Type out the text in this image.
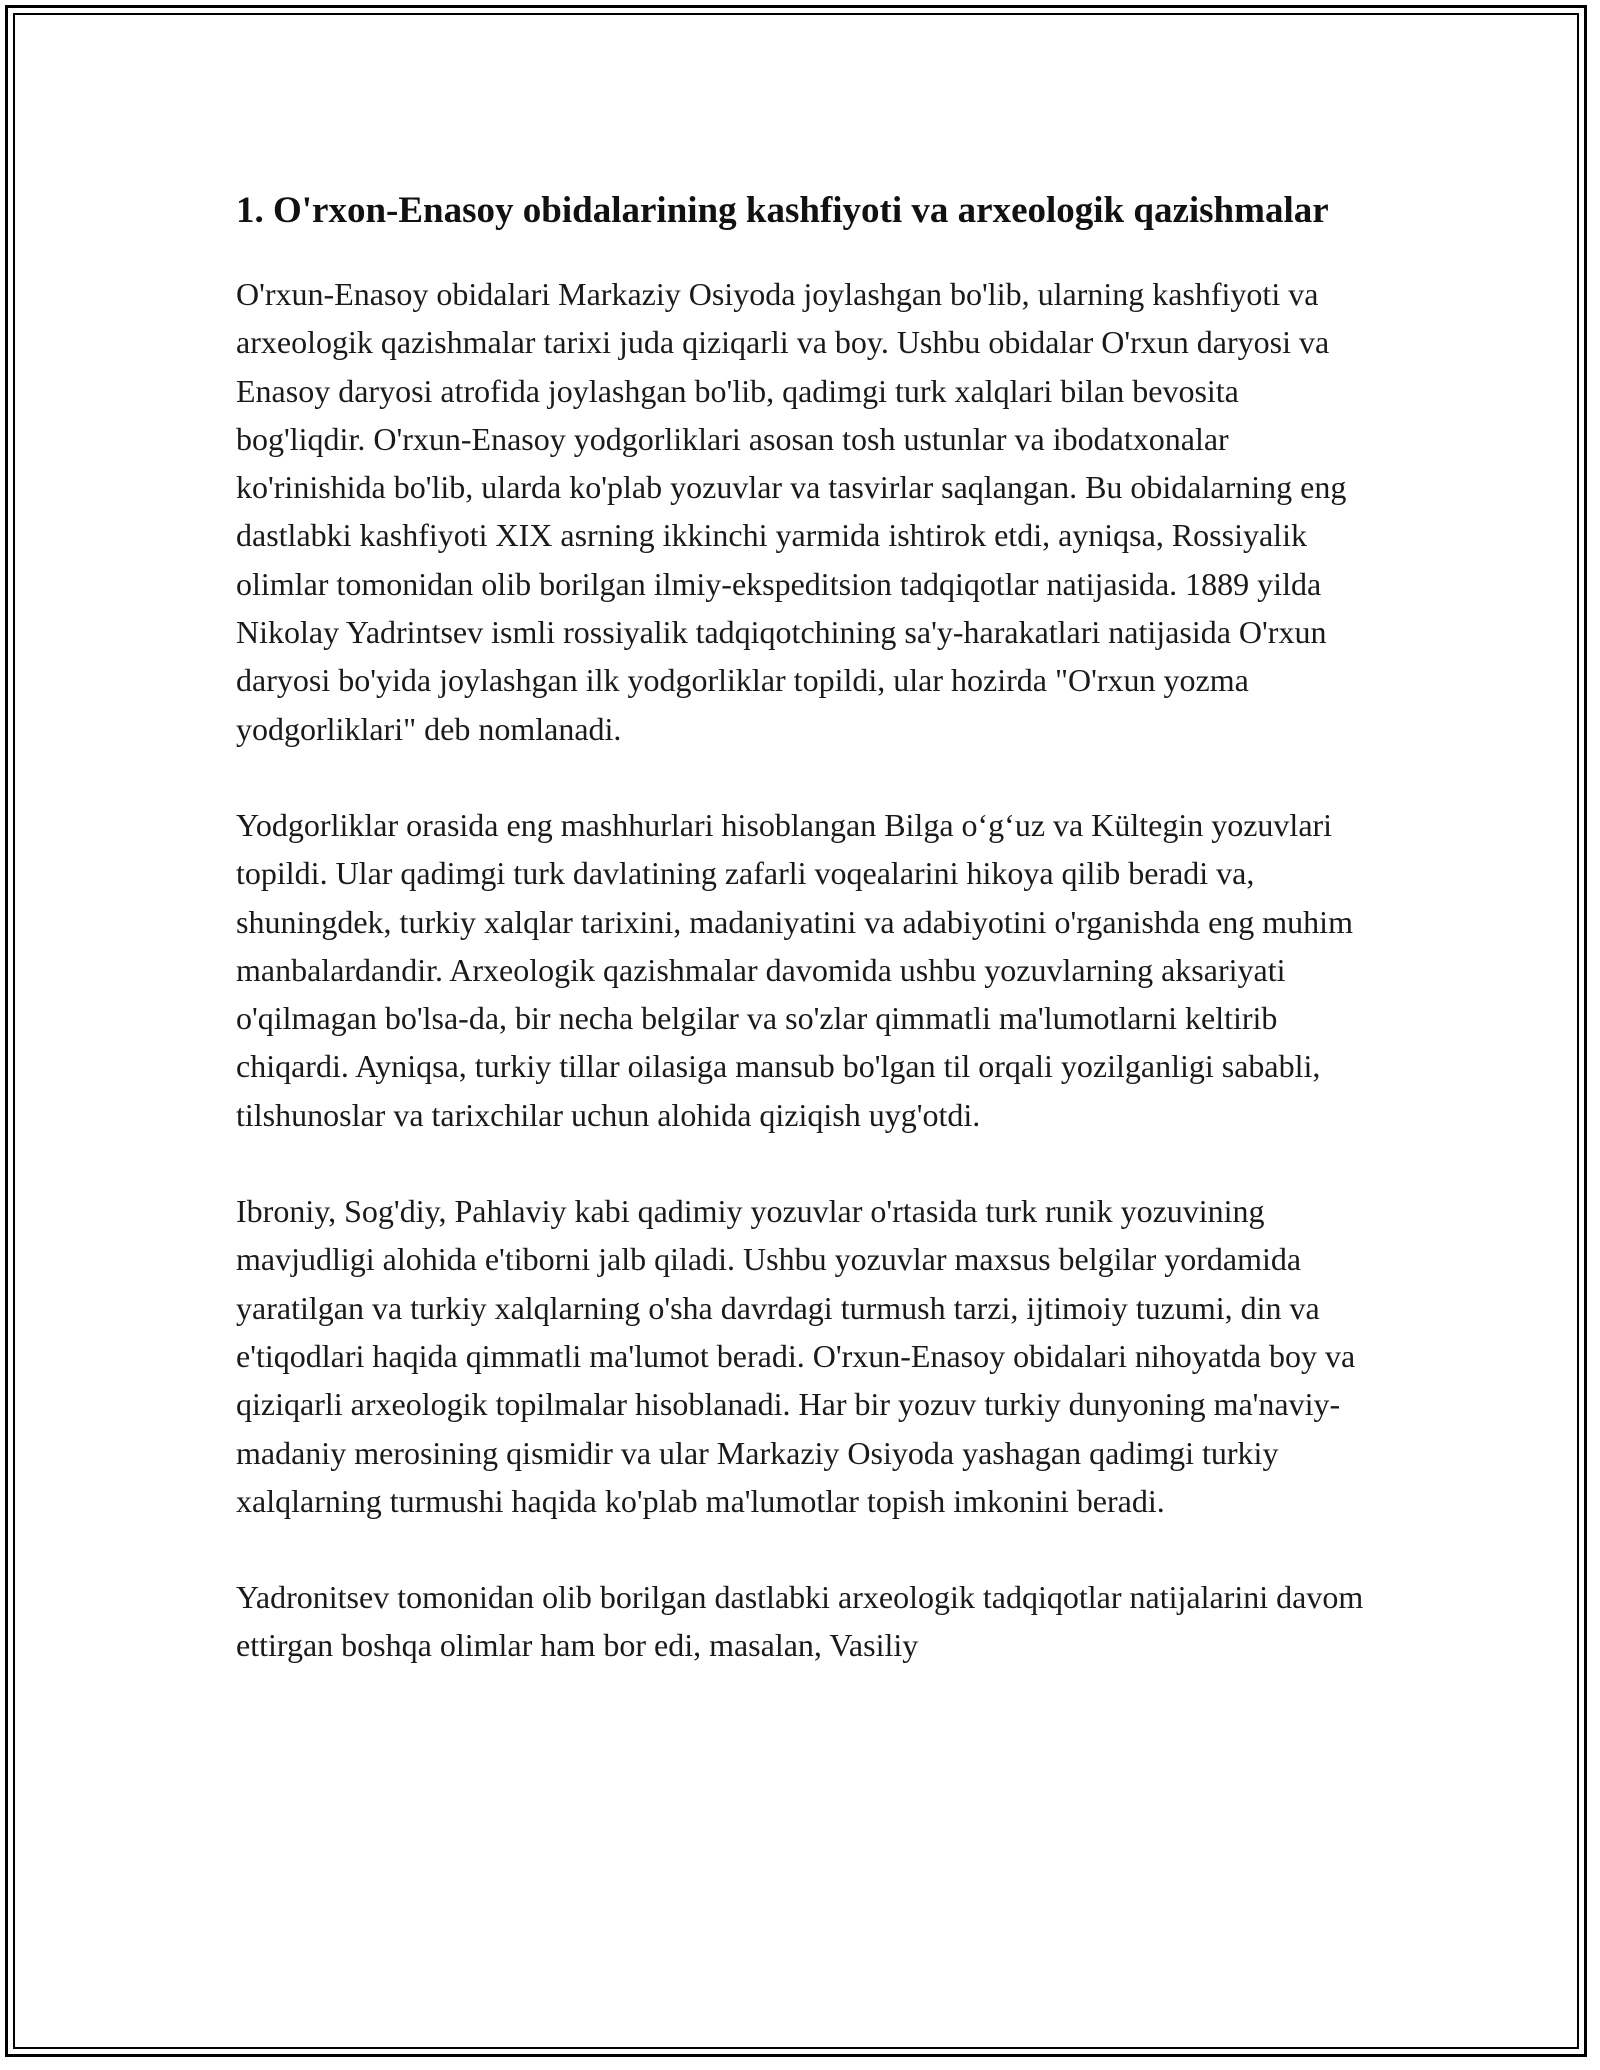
1. O'rxon-Enasoy obidalarining kashfiyoti va arxeologik qazishmalar

O'rxun-Enasoy obidalari Markaziy Osiyoda joylashgan bo'lib, ularning kashfiyoti va arxeologik qazishmalar tarixi juda qiziqarli va boy. Ushbu obidalar O'rxun daryosi va Enasoy daryosi atrofida joylashgan bo'lib, qadimgi turk xalqlari bilan bevosita bog'liqdir. O'rxun-Enasoy yodgorliklari asosan tosh ustunlar va ibodatxonalar ko'rinishida bo'lib, ularda ko'plab yozuvlar va tasvirlar saqlangan. Bu obidalarning eng dastlabki kashfiyoti XIX asrning ikkinchi yarmida ishtirok etdi, ayniqsa, Rossiyalik olimlar tomonidan olib borilgan ilmiy-ekspeditsion tadqiqotlar natijasida. 1889 yilda Nikolay Yadrintsev ismli rossiyalik tadqiqotchining sa'y-harakatlari natijasida O'rxun daryosi bo'yida joylashgan ilk yodgorliklar topildi, ular hozirda "O'rxun yozma yodgorliklari" deb nomlanadi.

Yodgorliklar orasida eng mashhurlari hisoblangan Bilga o‘g‘uz va Kültegin yozuvlari topildi. Ular qadimgi turk davlatining zafarli voqealarini hikoya qilib beradi va, shuningdek, turkiy xalqlar tarixini, madaniyatini va adabiyotini o'rganishda eng muhim manbalardandir. Arxeologik qazishmalar davomida ushbu yozuvlarning aksariyati o'qilmagan bo'lsa-da, bir necha belgilar va so'zlar qimmatli ma'lumotlarni keltirib chiqardi. Ayniqsa, turkiy tillar oilasiga mansub bo'lgan til orqali yozilganligi sababli, tilshunoslar va tarixchilar uchun alohida qiziqish uyg'otdi.

Ibroniy, Sog'diy, Pahlaviy kabi qadimiy yozuvlar o'rtasida turk runik yozuvining mavjudligi alohida e'tiborni jalb qiladi. Ushbu yozuvlar maxsus belgilar yordamida yaratilgan va turkiy xalqlarning o'sha davrdagi turmush tarzi, ijtimoiy tuzumi, din va e'tiqodlari haqida qimmatli ma'lumot beradi. O'rxun-Enasoy obidalari nihoyatda boy va qiziqarli arxeologik topilmalar hisoblanadi. Har bir yozuv turkiy dunyoning ma'naviy-madaniy merosining qismidir va ular Markaziy Osiyoda yashagan qadimgi turkiy xalqlarning turmushi haqida ko'plab ma'lumotlar topish imkonini beradi.

Yadronitsev tomonidan olib borilgan dastlabki arxeologik tadqiqotlar natijalarini davom ettirgan boshqa olimlar ham bor edi, masalan, Vasiliy
